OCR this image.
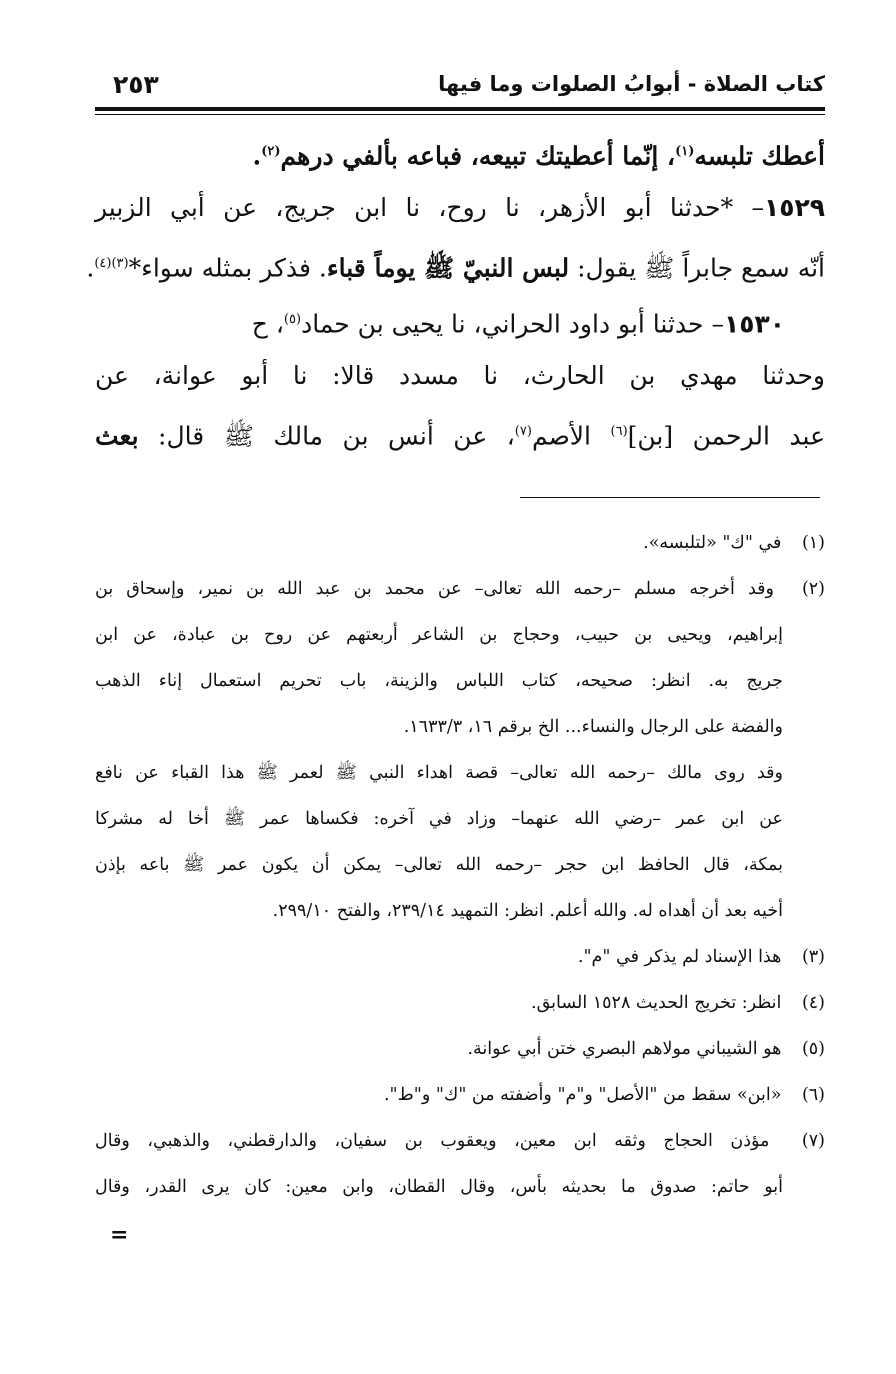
كتاب الصلاة - أبوابُ الصلوات وما فيها
٢٥٣
أعطك تلبسه$^{(١)}$، إنّما أعطيتك تبيعه، فباعه بألفي درهم$^{(٢)}$.
١٥٢٩– *حدثنا أبو الأزهر، نا روح، نا ابن جريج، عن أبي الزبير
أنّه سمع جابراً ﷺ يقول: لبس النبيّ ﷺ يوماً قباء. فذكر بمثله سواء*$^{(٣)(٤)}$.
١٥٣٠– حدثنا أبو داود الحراني، نا يحيى بن حماد$^{(٥)}$، ح
وحدثنا مهدي بن الحارث، نا مسدد قالا: نا أبو عوانة، عن
عبد الرحمن [بن]$^{(٦)}$ الأصم$^{(٧)}$، عن أنس بن مالك ﷺ قال: بعث
(١) في "ك" «لتلبسه».
(٢) وقد أخرجه مسلم –رحمه الله تعالى– عن محمد بن عبد الله بن نمير، وإسحاق بن
إبراهيم، ويحيى بن حبيب، وحجاج بن الشاعر أربعتهم عن روح بن عبادة، عن ابن
جريج به. انظر: صحيحه، كتاب اللباس والزينة، باب تحريم استعمال إناء الذهب
والفضة على الرجال والنساء... الخ برقم ١٦، ١٦٣٣/٣.
وقد روى مالك –رحمه الله تعالى– قصة اهداء النبي ﷺ لعمر ﷺ هذا القباء عن نافع
عن ابن عمر –رضي الله عنهما– وزاد في آخره: فكساها عمر ﷺ أخا له مشركا
بمكة، قال الحافظ ابن حجر –رحمه الله تعالى– يمكن أن يكون عمر ﷺ باعه بإذن
أخيه بعد أن أهداه له. والله أعلم. انظر: التمهيد ٢٣٩/١٤، والفتح ٢٩٩/١٠.
(٣) هذا الإسناد لم يذكر في "م".
(٤) انظر: تخريج الحديث ١٥٢٨ السابق.
(٥) هو الشيباني مولاهم البصري ختن أبي عوانة.
(٦) «ابن» سقط من "الأصل" و"م" وأضفته من "ك" و"ط".
(٧) مؤذن الحجاج وثقه ابن معين، ويعقوب بن سفيان، والدارقطني، والذهبي، وقال
أبو حاتم: صدوق ما بحديثه بأس، وقال القطان، وابن معين: كان يرى القدر، وقال
=
